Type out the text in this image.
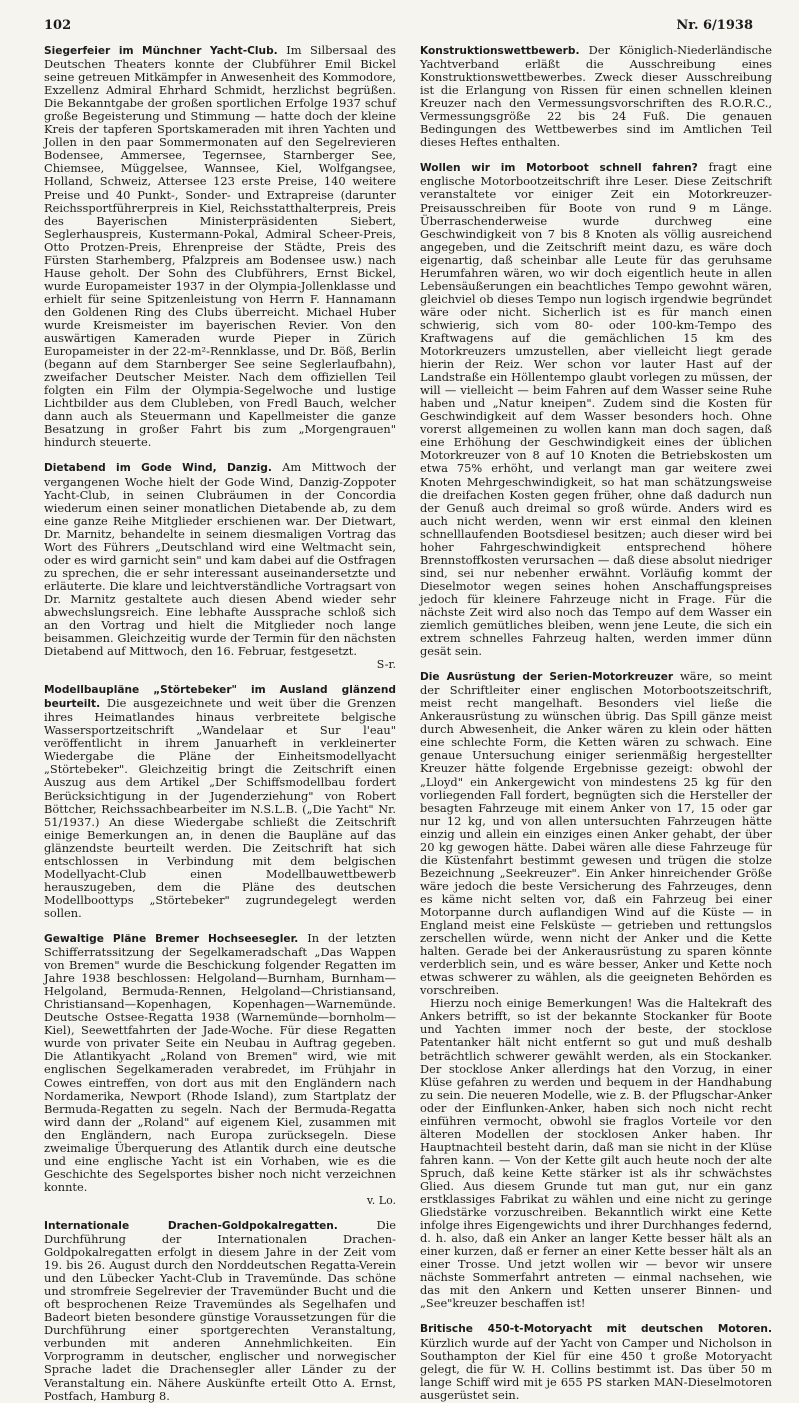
102	Nr. 6/1938

Siegerfeier im Münchner Yacht-Club. Im Silbersaal des Deutschen Theaters konnte der Clubführer Emil Bickel seine getreuen Mitkämpfer in Anwesenheit des Kommodore, Exzellenz Admiral Ehrhard Schmidt, herzlichst begrüßen. Die Bekanntgabe der großen sportlichen Erfolge 1937 schuf große Begeisterung und Stimmung — hatte doch der kleine Kreis der tapferen Sportskameraden mit ihren Yachten und Jollen in den paar Sommermonaten auf den Segelrevieren Bodensee, Ammersee, Tegernsee, Starnberger See, Chiemsee, Müggelsee, Wannsee, Kiel, Wolfgangsee, Holland, Schweiz, Attersee 123 erste Preise, 140 weitere Preise und 40 Punkt-, Sonder- und Extrapreise (darunter Reichssportführerpreis in Kiel, Reichsstatthalterpreis, Preis des Bayerischen Ministerpräsidenten Siebert, Seglerhauspreis, Kustermann-Pokal, Admiral Scheer-Preis, Otto Protzen-Preis, Ehrenpreise der Städte, Preis des Fürsten Starhemberg, Pfalzpreis am Bodensee usw.) nach Hause geholt. Der Sohn des Clubführers, Ernst Bickel, wurde Europameister 1937 in der Olympia-Jollenklasse und erhielt für seine Spitzenleistung von Herrn F. Hannamann den Goldenen Ring des Clubs überreicht. Michael Huber wurde Kreismeister im bayerischen Revier. Von den auswärtigen Kameraden wurde Pieper in Zürich Europameister in der 22-m²-Rennklasse, und Dr. Böß, Berlin (begann auf dem Starnberger See seine Seglerlaufbahn), zweifacher Deutscher Meister. Nach dem offiziellen Teil folgten ein Film der Olympia-Segelwoche und lustige Lichtbilder aus dem Clubleben, von Fredl Bauch, welcher dann auch als Steuermann und Kapellmeister die ganze Besatzung in großer Fahrt bis zum „Morgengrauen" hindurch steuerte.

Dietabend im Gode Wind, Danzig. Am Mittwoch der vergangenen Woche hielt der Gode Wind, Danzig-Zoppoter Yacht-Club, in seinen Clubräumen in der Concordia wiederum einen seiner monatlichen Dietabende ab, zu dem eine ganze Reihe Mitglieder erschienen war. Der Dietwart, Dr. Marnitz, behandelte in seinem diesmaligen Vortrag das Wort des Führers „Deutschland wird eine Weltmacht sein, oder es wird garnicht sein" und kam dabei auf die Ostfragen zu sprechen, die er sehr interessant auseinandersetzte und erläuterte. Die klare und leichtverständliche Vortragsart von Dr. Marnitz gestaltete auch diesen Abend wieder sehr abwechslungsreich. Eine lebhafte Aussprache schloß sich an den Vortrag und hielt die Mitglieder noch lange beisammen. Gleichzeitig wurde der Termin für den nächsten Dietabend auf Mittwoch, den 16. Februar, festgesetzt.

S-r.

Modellbaupläne „Störtebeker" im Ausland glänzend beurteilt. Die ausgezeichnete und weit über die Grenzen ihres Heimatlandes hinaus verbreitete belgische Wassersportzeitschrift „Wandelaar et Sur l'eau" veröffentlicht in ihrem Januarheft in verkleinerter Wiedergabe die Pläne der Einheitsmodellyacht „Störtebeker". Gleichzeitig bringt die Zeitschrift einen Auszug aus dem Artikel „Der Schiffsmodellbau fordert Berücksichtigung in der Jugenderziehung" von Robert Böttcher, Reichssachbearbeiter im N.S.L.B. („Die Yacht" Nr. 51/1937.) An diese Wiedergabe schließt die Zeitschrift einige Bemerkungen an, in denen die Baupläne auf das glänzendste beurteilt werden. Die Zeitschrift hat sich entschlossen in Verbindung mit dem belgischen Modellyacht-Club einen Modellbauwettbewerb herauszugeben, dem die Pläne des deutschen Modellboottyps „Störtebeker" zugrundegelegt werden sollen.

Gewaltige Pläne Bremer Hochseesegler. In der letzten Schifferratssitzung der Segelkameradschaft „Das Wappen von Bremen" wurde die Beschickung folgender Regatten im Jahre 1938 beschlossen: Helgoland—Burnham, Burnham—Helgoland, Bermuda-Rennen, Helgoland—Christiansand, Christiansand—Kopenhagen, Kopenhagen—Warnemünde. Deutsche Ostsee-Regatta 1938 (Warnemünde—bornholm—Kiel), Seewettfahrten der Jade-Woche. Für diese Regatten wurde von privater Seite ein Neubau in Auftrag gegeben. Die Atlantikyacht „Roland von Bremen" wird, wie mit englischen Segelkameraden verabredet, im Frühjahr in Cowes eintreffen, von dort aus mit den Engländern nach Nordamerika, Newport (Rhode Island), zum Startplatz der Bermuda-Regatten zu segeln. Nach der Bermuda-Regatta wird dann der „Roland" auf eigenem Kiel, zusammen mit den Engländern, nach Europa zurücksegeln. Diese zweimalige Überquerung des Atlantik durch eine deutsche und eine englische Yacht ist ein Vorhaben, wie es die Geschichte des Segelsportes bisher noch nicht verzeichnen konnte.

v. Lo.

Internationale Drachen-Goldpokalregatten.	Die Durchführung der Internationalen Drachen-Goldpokalregatten erfolgt in diesem Jahre in der Zeit vom 19. bis 26. August durch den Norddeutschen Regatta-Verein und den Lübecker Yacht-Club in Travemünde. Das schöne und stromfreie Segelrevier der Travemünder Bucht und die oft besprochenen Reize Travemündes als Segelhafen und Badeort bieten besondere günstige Voraussetzungen für die Durchführung einer sportgerechten Veranstaltung, verbunden mit anderen Annehmlichkeiten. Ein Vorprogramm in deutscher, englischer und norwegischer Sprache ladet die Drachensegler aller Länder zu der Veranstaltung ein. Nähere Auskünfte erteilt Otto A. Ernst, Postfach, Hamburg 8.

Konstruktionswettbewerb. Der Königlich-Niederländische Yachtverband erläßt die Ausschreibung eines Konstruktionswettbewerbes. Zweck dieser Ausschreibung ist die Erlangung von Rissen für einen schnellen kleinen Kreuzer nach den Vermessungsvorschriften des R.O.R.C., Vermessungsgröße 22 bis 24 Fuß. Die genauen Bedingungen des Wettbewerbes sind im Amtlichen Teil dieses Heftes enthalten.

Wollen wir im Motorboot schnell fahren? fragt eine englische Motorbootzeitschrift ihre Leser. Diese Zeitschrift veranstaltete vor einiger Zeit ein Motorkreuzer-Preisausschreiben für Boote von rund 9 m Länge. Überraschenderweise wurde durchweg eine Geschwindigkeit von 7 bis 8 Knoten als völlig ausreichend angegeben, und die Zeitschrift meint dazu, es wäre doch eigenartig, daß scheinbar alle Leute für das geruhsame Herumfahren wären, wo wir doch eigentlich heute in allen Lebensäußerungen ein beachtliches Tempo gewohnt wären, gleichviel ob dieses Tempo nun logisch irgendwie begründet wäre oder nicht. Sicherlich ist es für manch einen schwierig, sich vom 80- oder 100-km-Tempo des Kraftwagens auf die gemächlichen 15 km des Motorkreuzers umzustellen, aber vielleicht liegt gerade hierin der Reiz. Wer schon vor lauter Hast auf der Landstraße ein Höllentempo glaubt vorlegen zu müssen, der will — vielleicht — beim Fahren auf dem Wasser seine Ruhe haben und „Natur kneipen". Zudem sind die Kosten für Geschwindigkeit auf dem Wasser besonders hoch. Ohne vorerst allgemeinen zu wollen kann man doch sagen, daß eine Erhöhung der Geschwindigkeit eines der üblichen Motorkreuzer von 8 auf 10 Knoten die Betriebskosten um etwa 75% erhöht, und verlangt man gar weitere zwei Knoten Mehrgeschwindigkeit, so hat man schätzungsweise die dreifachen Kosten gegen früher, ohne daß dadurch nun der Genuß auch dreimal so groß würde. Anders wird es auch nicht werden, wenn wir erst einmal den kleinen schnelllaufenden Bootsdiesel besitzen; auch dieser wird bei hoher Fahrgeschwindigkeit entsprechend höhere Brennstoffkosten verursachen — daß diese absolut niedriger sind, sei nur nebenher erwähnt. Vorläufig kommt der Dieselmotor wegen seines hohen Anschaffungspreises jedoch für kleinere Fahrzeuge nicht in Frage. Für die nächste Zeit wird also noch das Tempo auf dem Wasser ein ziemlich gemütliches bleiben, wenn jene Leute, die sich ein extrem schnelles Fahrzeug halten, werden immer dünn gesät sein.

Die Ausrüstung der Serien-Motorkreuzer wäre, so meint der Schriftleiter einer englischen Motorbootszeitschrift, meist recht mangelhaft. Besonders viel ließe die Ankerausrüstung zu wünschen übrig. Das Spill gänze meist durch Abwesenheit, die Anker wären zu klein oder hätten eine schlechte Form, die Ketten wären zu schwach. Eine genaue Untersuchung einiger serienmäßig hergestellter Kreuzer hätte folgende Ergebnisse gezeigt: obwohl der „Lloyd" ein Ankergewicht von mindestens 25 kg für den vorliegenden Fall fordert, begnügten sich die Hersteller der besagten Fahrzeuge mit einem Anker von 17, 15 oder gar nur 12 kg, und von allen untersuchten Fahrzeugen hätte einzig und allein ein einziges einen Anker gehabt, der über 20 kg gewogen hätte. Dabei wären alle diese Fahrzeuge für die Küstenfahrt bestimmt gewesen und trügen die stolze Bezeichnung „Seekreuzer". Ein Anker hinreichender Größe wäre jedoch die beste Versicherung des Fahrzeuges, denn es käme nicht selten vor, daß ein Fahrzeug bei einer Motorpanne durch auflandigen Wind auf die Küste — in England meist eine Felsküste — getrieben und rettungslos zerschellen würde, wenn nicht der Anker und die Kette halten. Gerade bei der Ankerausrüstung zu sparen könnte verderblich sein, und es wäre besser, Anker und Kette noch etwas schwerer zu wählen, als die geeigneten Behörden es vorschreiben.

Hierzu noch einige Bemerkungen! Was die Haltekraft des Ankers betrifft, so ist der bekannte Stockanker für Boote und Yachten immer noch der beste, der stocklose Patentanker hält nicht entfernt so gut und muß deshalb beträchtlich schwerer gewählt werden, als ein Stockanker. Der stocklose Anker allerdings hat den Vorzug, in einer Klüse gefahren zu werden und bequem in der Handhabung zu sein. Die neueren Modelle, wie z. B. der Pflugschar-Anker oder der Einflunken-Anker, haben sich noch nicht recht einführen vermocht, obwohl sie fraglos Vorteile vor den älteren Modellen der stocklosen Anker haben. Ihr Hauptnachteil besteht darin, daß man sie nicht in der Klüse fahren kann. — Von der Kette gilt auch heute noch der alte Spruch, daß keine Kette stärker ist als ihr schwächstes Glied. Aus diesem Grunde tut man gut, nur ein ganz erstklassiges Fabrikat zu wählen und eine nicht zu geringe Gliedstärke vorzuschreiben. Bekanntlich wirkt eine Kette infolge ihres Eigengewichts und ihrer Durchhanges federnd, d. h. also, daß ein Anker an langer Kette besser hält als an einer kurzen, daß er ferner an einer Kette besser hält als an einer Trosse. Und jetzt wollen wir — bevor wir unsere nächste Sommerfahrt antreten — einmal nachsehen, wie das mit den Ankern und Ketten unserer Binnen- und „See"kreuzer beschaffen ist!

Britische 450-t-Motoryacht mit deutschen Motoren. Kürzlich wurde auf der Yacht von Camper und Nicholson in Southampton der Kiel für eine 450 t große Motoryacht gelegt, die für W. H. Collins bestimmt ist. Das über 50 m lange Schiff wird mit je 655 PS starken MAN-Dieselmotoren ausgerüstet sein.
